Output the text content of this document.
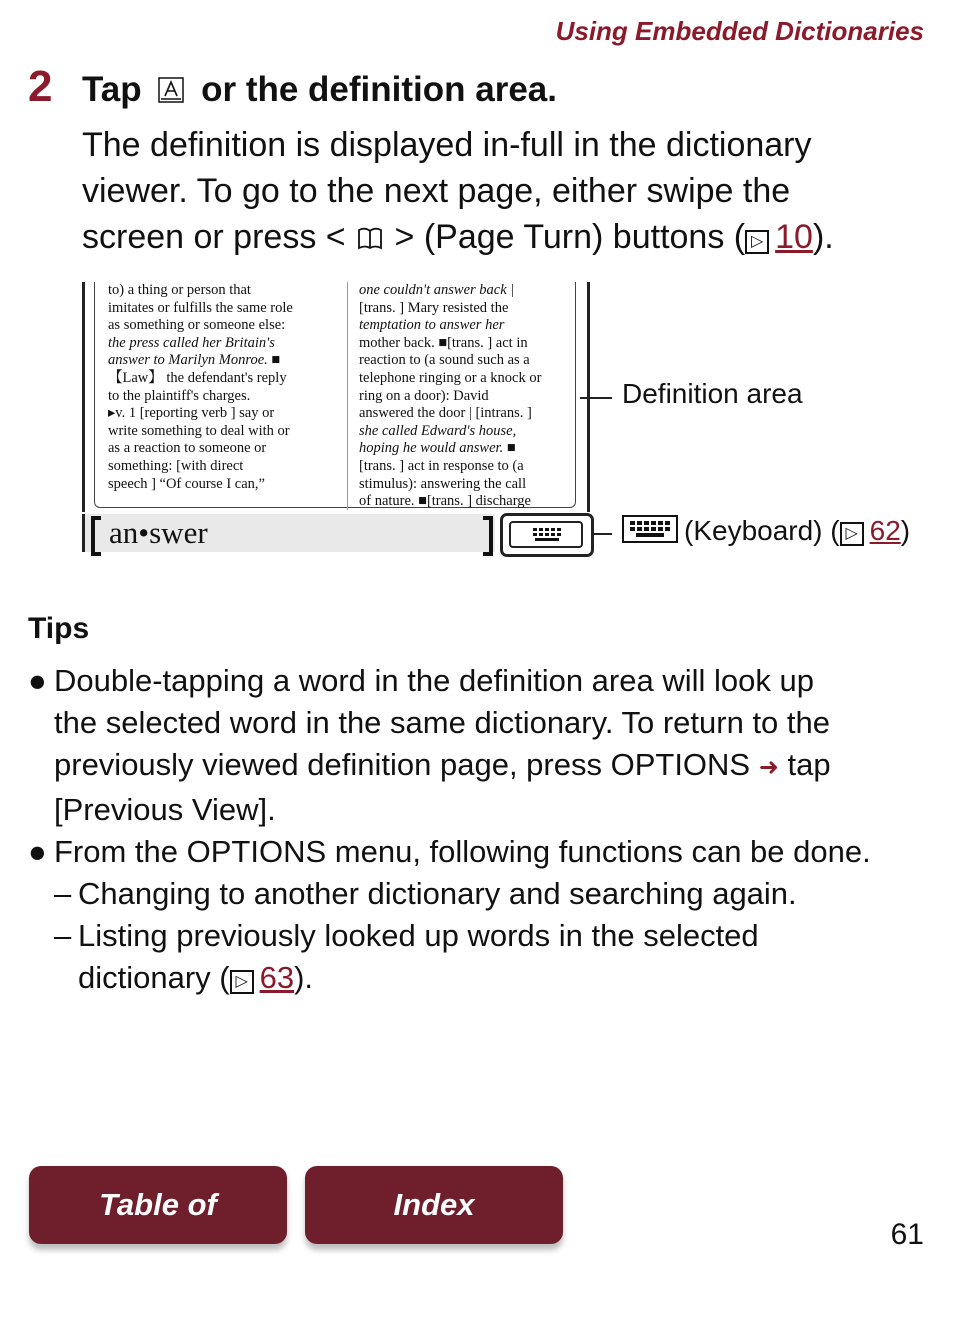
Using Embedded Dictionaries
2 Tap or the definition area.
The definition is displayed in-full in the dictionary
viewer. To go to the next page, either swipe the
screen or press < > (Page Turn) buttons ( ▷ 10).
to) a thing or person that
imitates or fulfills the same role
as something or someone else:
the press called her Britain's
answer to Marilyn Monroe. ■
【Law】 the defendant's reply
to the plaintiff's charges.
▸v. 1 [reporting verb ] say or
write something to deal with or
as a reaction to someone or
something: [with direct
speech ] “Of course I can,”
one couldn't answer back |
[trans. ] Mary resisted the
temptation to answer her
mother back. ■[trans. ] act in
reaction to (a sound such as a
telephone ringing or a knock or
ring on a door): David
answered the door | [intrans. ]
she called Edward's house,
hoping he would answer. ■
[trans. ] act in response to (a
stimulus): answering the call
of nature. ■[trans. ] discharge
an•swer
Definition area
(Keyboard) ( ▷ 62)
Tips
● Double-tapping a word in the definition area will look up
the selected word in the same dictionary. To return to the
previously viewed definition page, press OPTIONS ➜ tap
[Previous View].
● From the OPTIONS menu, following functions can be done.
– Changing to another dictionary and searching again.
– Listing previously looked up words in the selected
dictionary ( ▷ 63).
Table of Contents
Index
61
